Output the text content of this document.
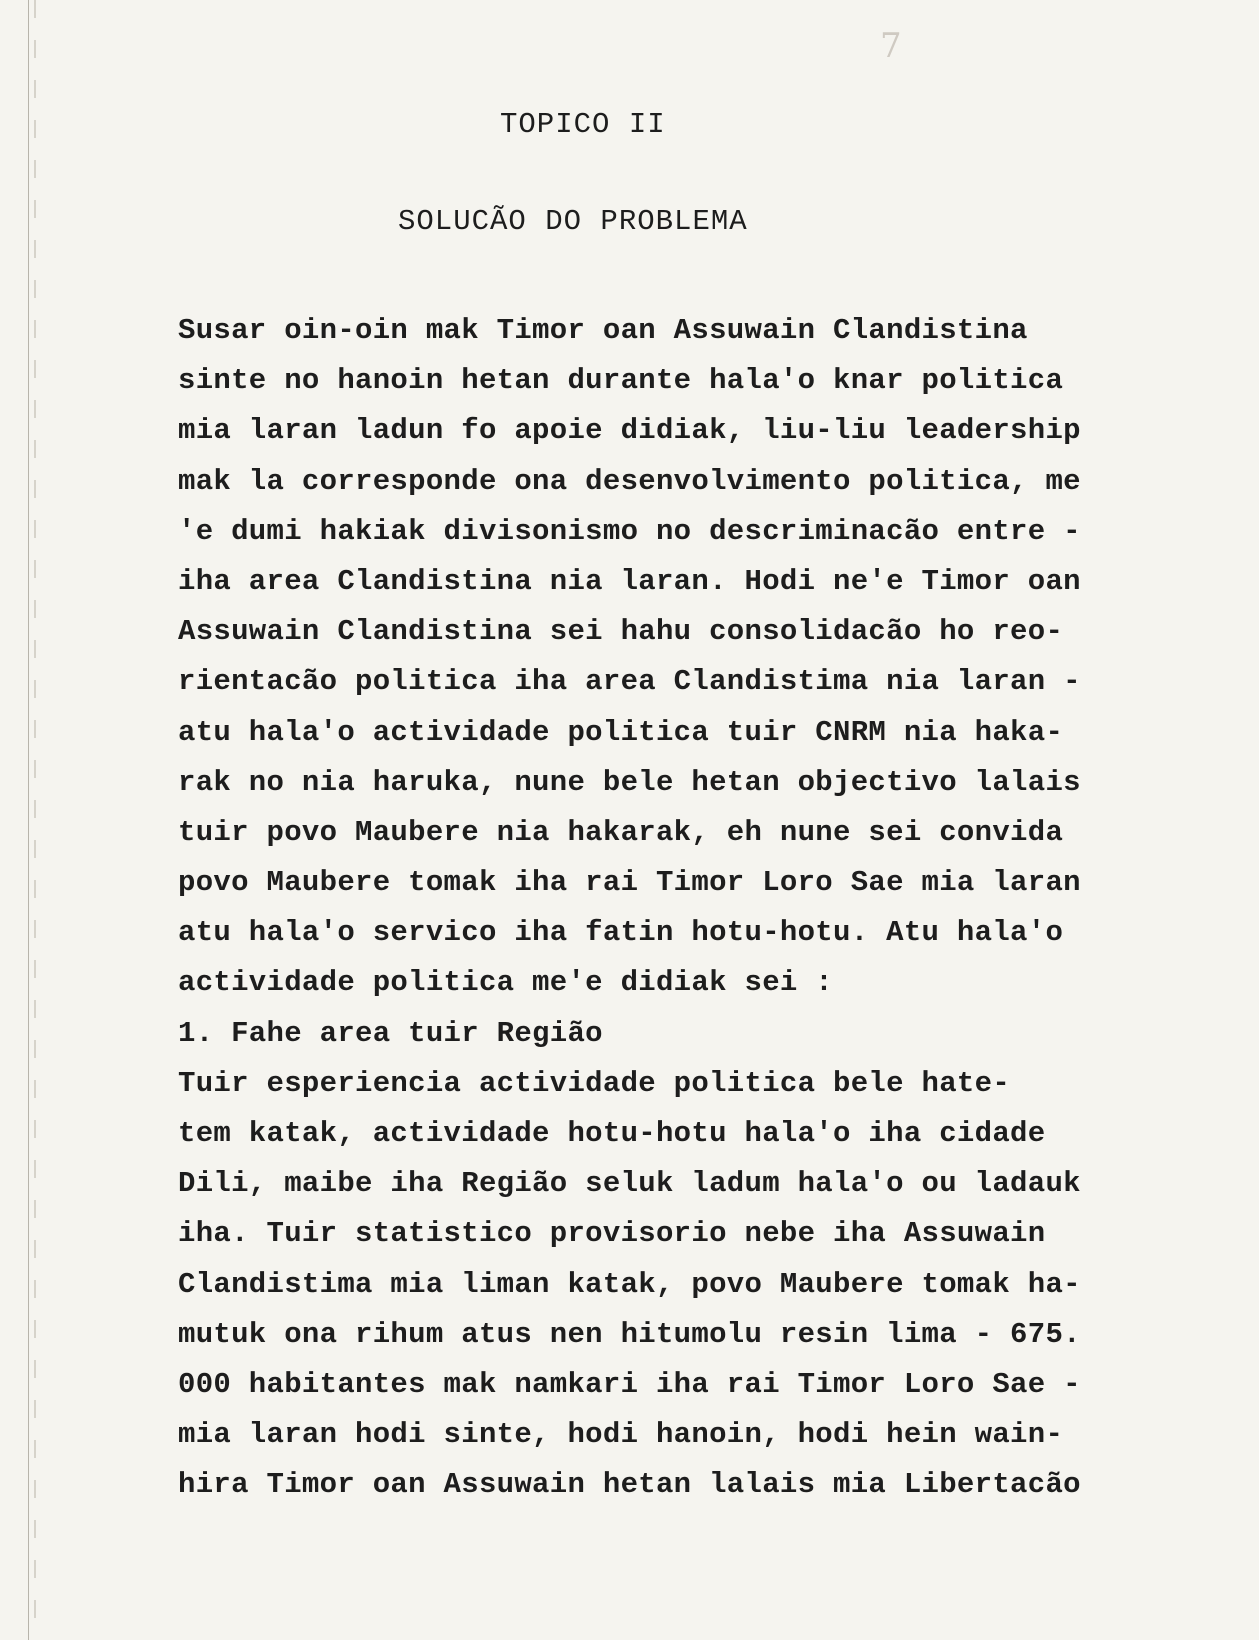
7
TOPICO II
SOLUCÃO DO PROBLEMA
Susar oin-oin mak Timor oan Assuwain Clandistina
sinte no hanoin hetan durante hala'o knar politica
mia laran ladun fo apoie didiak, liu-liu leadership
mak la corresponde ona desenvolvimento politica, me
'e dumi hakiak divisonismo no descriminacão entre -
iha area Clandistina nia laran. Hodi ne'e Timor oan
Assuwain Clandistina sei hahu consolidacão ho reo-
rientacão politica iha area Clandistima nia laran -
atu hala'o actividade politica tuir CNRM nia haka-
rak no nia haruka, nune bele hetan objectivo lalais
tuir povo Maubere nia hakarak, eh nune sei convida
povo Maubere tomak iha rai Timor Loro Sae mia laran
atu hala'o servico iha fatin hotu-hotu. Atu hala'o
actividade politica me'e didiak sei :
1. Fahe area tuir Região
Tuir esperiencia actividade politica bele hate-
tem katak, actividade hotu-hotu hala'o iha cidade
Dili, maibe iha Região seluk ladum hala'o ou ladauk
iha. Tuir statistico provisorio nebe iha Assuwain
Clandistima mia liman katak, povo Maubere tomak ha-
mutuk ona rihum atus nen hitumolu resin lima - 675.
000 habitantes mak namkari iha rai Timor Loro Sae -
mia laran hodi sinte, hodi hanoin, hodi hein wain-
hira Timor oan Assuwain hetan lalais mia Libertacão
